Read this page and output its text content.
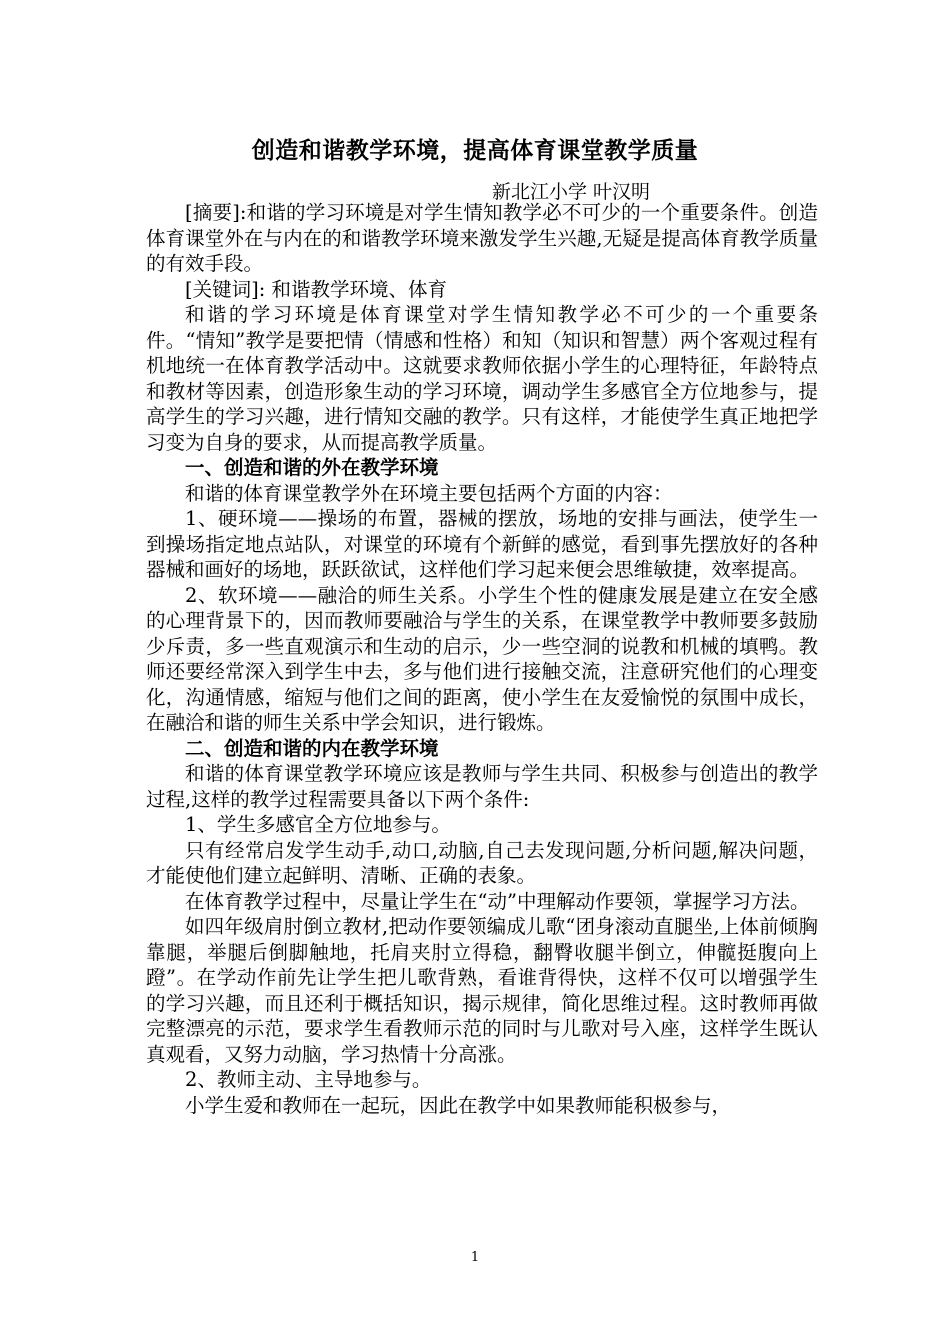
创造和谐教学环境，提高体育课堂教学质量
新北江小学 叶汉明

[摘要]:和谐的学习环境是对学生情知教学必不可少的一个重要条件。创造体育课堂外在与内在的和谐教学环境来激发学生兴趣,无疑是提高体育教学质量的有效手段。

[关键词]: 和谐教学环境、体育

和谐的学习环境是体育课堂对学生情知教学必不可少的一个重要条件。“情知”教学是要把情（情感和性格）和知（知识和智慧）两个客观过程有机地统一在体育教学活动中。这就要求教师依据小学生的心理特征，年龄特点和教材等因素，创造形象生动的学习环境，调动学生多感官全方位地参与，提高学生的学习兴趣，进行情知交融的教学。只有这样，才能使学生真正地把学习变为自身的要求，从而提高教学质量。

一、创造和谐的外在教学环境

和谐的体育课堂教学外在环境主要包括两个方面的内容：

1、硬环境——操场的布置，器械的摆放，场地的安排与画法，使学生一到操场指定地点站队，对课堂的环境有个新鲜的感觉，看到事先摆放好的各种器械和画好的场地，跃跃欲试，这样他们学习起来便会思维敏捷，效率提高。

2、软环境——融洽的师生关系。小学生个性的健康发展是建立在安全感的心理背景下的，因而教师要融洽与学生的关系，在课堂教学中教师要多鼓励少斥责，多一些直观演示和生动的启示，少一些空洞的说教和机械的填鸭。教师还要经常深入到学生中去，多与他们进行接触交流，注意研究他们的心理变化，沟通情感，缩短与他们之间的距离，使小学生在友爱愉悦的氛围中成长，在融洽和谐的师生关系中学会知识，进行锻炼。

二、创造和谐的内在教学环境

和谐的体育课堂教学环境应该是教师与学生共同、积极参与创造出的教学过程,这样的教学过程需要具备以下两个条件:

1、学生多感官全方位地参与。

只有经常启发学生动手,动口,动脑,自己去发现问题,分析问题,解决问题，才能使他们建立起鲜明、清晰、正确的表象。

在体育教学过程中，尽量让学生在“动”中理解动作要领，掌握学习方法。

如四年级肩肘倒立教材,把动作要领编成儿歌“团身滚动直腿坐,上体前倾胸靠腿，举腿后倒脚触地，托肩夹肘立得稳，翻臀收腿半倒立，伸髋挺腹向上蹬”。在学动作前先让学生把儿歌背熟，看谁背得快，这样不仅可以增强学生的学习兴趣，而且还利于概括知识，揭示规律，简化思维过程。这时教师再做完整漂亮的示范，要求学生看教师示范的同时与儿歌对号入座，这样学生既认真观看，又努力动脑，学习热情十分高涨。

2、教师主动、主导地参与。

小学生爱和教师在一起玩，因此在教学中如果教师能积极参与，

1
